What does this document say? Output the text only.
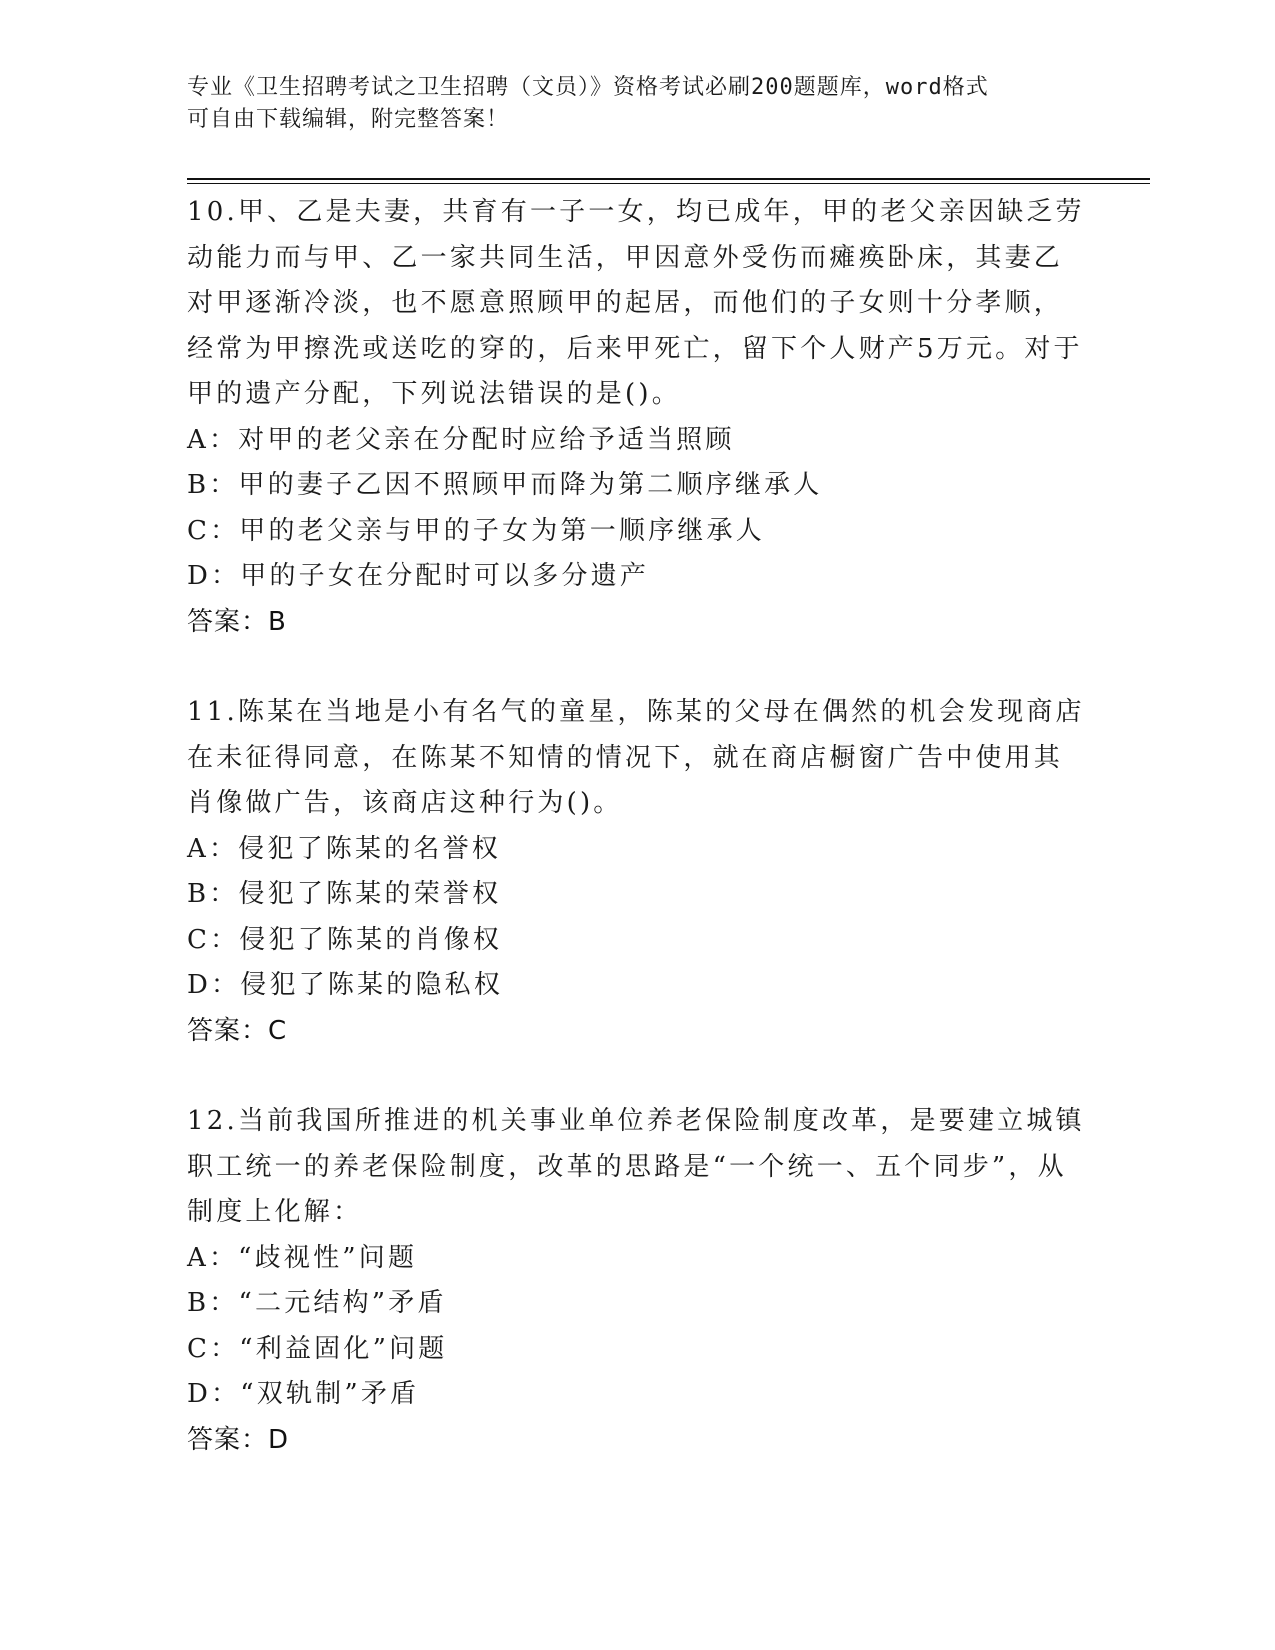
专业《卫生招聘考试之卫生招聘（文员）》资格考试必刷200题题库，word格式
可自由下载编辑，附完整答案！

10.甲、乙是夫妻，共育有一子一女，均已成年，甲的老父亲因缺乏劳动能力而与甲、乙一家共同生活，甲因意外受伤而瘫痪卧床，其妻乙对甲逐渐冷淡，也不愿意照顾甲的起居，而他们的子女则十分孝顺，经常为甲擦洗或送吃的穿的，后来甲死亡，留下个人财产5万元。对于甲的遗产分配，下列说法错误的是()。

A：对甲的老父亲在分配时应给予适当照顾

B：甲的妻子乙因不照顾甲而降为第二顺序继承人

C：甲的老父亲与甲的子女为第一顺序继承人

D：甲的子女在分配时可以多分遗产

答案：B

11.陈某在当地是小有名气的童星，陈某的父母在偶然的机会发现商店在未征得同意，在陈某不知情的情况下，就在商店橱窗广告中使用其肖像做广告，该商店这种行为()。

A：侵犯了陈某的名誉权

B：侵犯了陈某的荣誉权

C：侵犯了陈某的肖像权

D：侵犯了陈某的隐私权

答案：C

12.当前我国所推进的机关事业单位养老保险制度改革，是要建立城镇职工统一的养老保险制度，改革的思路是“一个统一、五个同步”，从制度上化解：

A：“歧视性”问题

B：“二元结构”矛盾

C：“利益固化”问题

D：“双轨制”矛盾

答案：D
